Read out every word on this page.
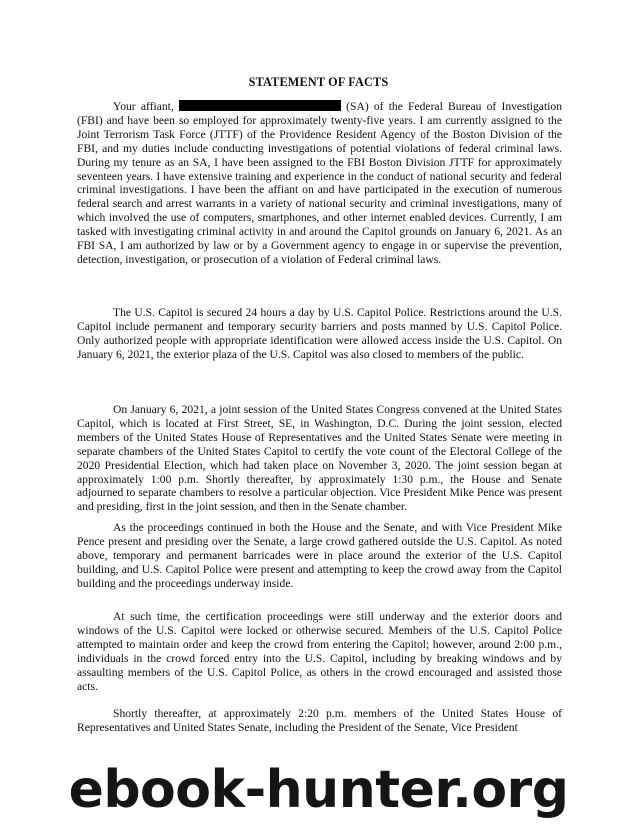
STATEMENT OF FACTS

Your affiant,	(SA) of the Federal Bureau of Investigation (FBI) and have been so employed for approximately twenty-five years. I am currently assigned to the Joint Terrorism Task Force (JTTF) of the Providence Resident Agency of the Boston Division of the FBI, and my duties include conducting investigations of potential violations of federal criminal laws. During my tenure as an SA, I have been assigned to the FBI Boston Division JTTF for approximately seventeen years. I have extensive training and experience in the conduct of national security and federal criminal investigations. I have been the affiant on and have participated in the execution of numerous federal search and arrest warrants in a variety of national security and criminal investigations, many of which involved the use of computers, smartphones, and other internet enabled devices. Currently, I am tasked with investigating criminal activity in and around the Capitol grounds on January 6, 2021. As an FBI SA, I am authorized by law or by a Government agency to engage in or supervise the prevention, detection, investigation, or prosecution of a violation of Federal criminal laws.

The U.S. Capitol is secured 24 hours a day by U.S. Capitol Police. Restrictions around the U.S. Capitol include permanent and temporary security barriers and posts manned by U.S. Capitol Police. Only authorized people with appropriate identification were allowed access inside the U.S. Capitol. On January 6, 2021, the exterior plaza of the U.S. Capitol was also closed to members of the public.

On January 6, 2021, a joint session of the United States Congress convened at the United States Capitol, which is located at First Street, SE, in Washington, D.C. During the joint session, elected members of the United States House of Representatives and the United States Senate were meeting in separate chambers of the United States Capitol to certify the vote count of the Electoral College of the 2020 Presidential Election, which had taken place on November 3, 2020. The joint session began at approximately 1:00 p.m. Shortly thereafter, by approximately 1:30 p.m., the House and Senate adjourned to separate chambers to resolve a particular objection. Vice President Mike Pence was present and presiding, first in the joint session, and then in the Senate chamber.

As the proceedings continued in both the House and the Senate, and with Vice President Mike Pence present and presiding over the Senate, a large crowd gathered outside the U.S. Capitol. As noted above, temporary and permanent barricades were in place around the exterior of the U.S. Capitol building, and U.S. Capitol Police were present and attempting to keep the crowd away from the Capitol building and the proceedings underway inside.

At such time, the certification proceedings were still underway and the exterior doors and windows of the U.S. Capitol were locked or otherwise secured. Members of the U.S. Capitol Police attempted to maintain order and keep the crowd from entering the Capitol; however, around 2:00 p.m., individuals in the crowd forced entry into the U.S. Capitol, including by breaking windows and by assaulting members of the U.S. Capitol Police, as others in the crowd encouraged and assisted those acts.

Shortly thereafter, at approximately 2:20 p.m. members of the United States House of Representatives and United States Senate, including the President of the Senate, Vice President

ebook-hunter.org
